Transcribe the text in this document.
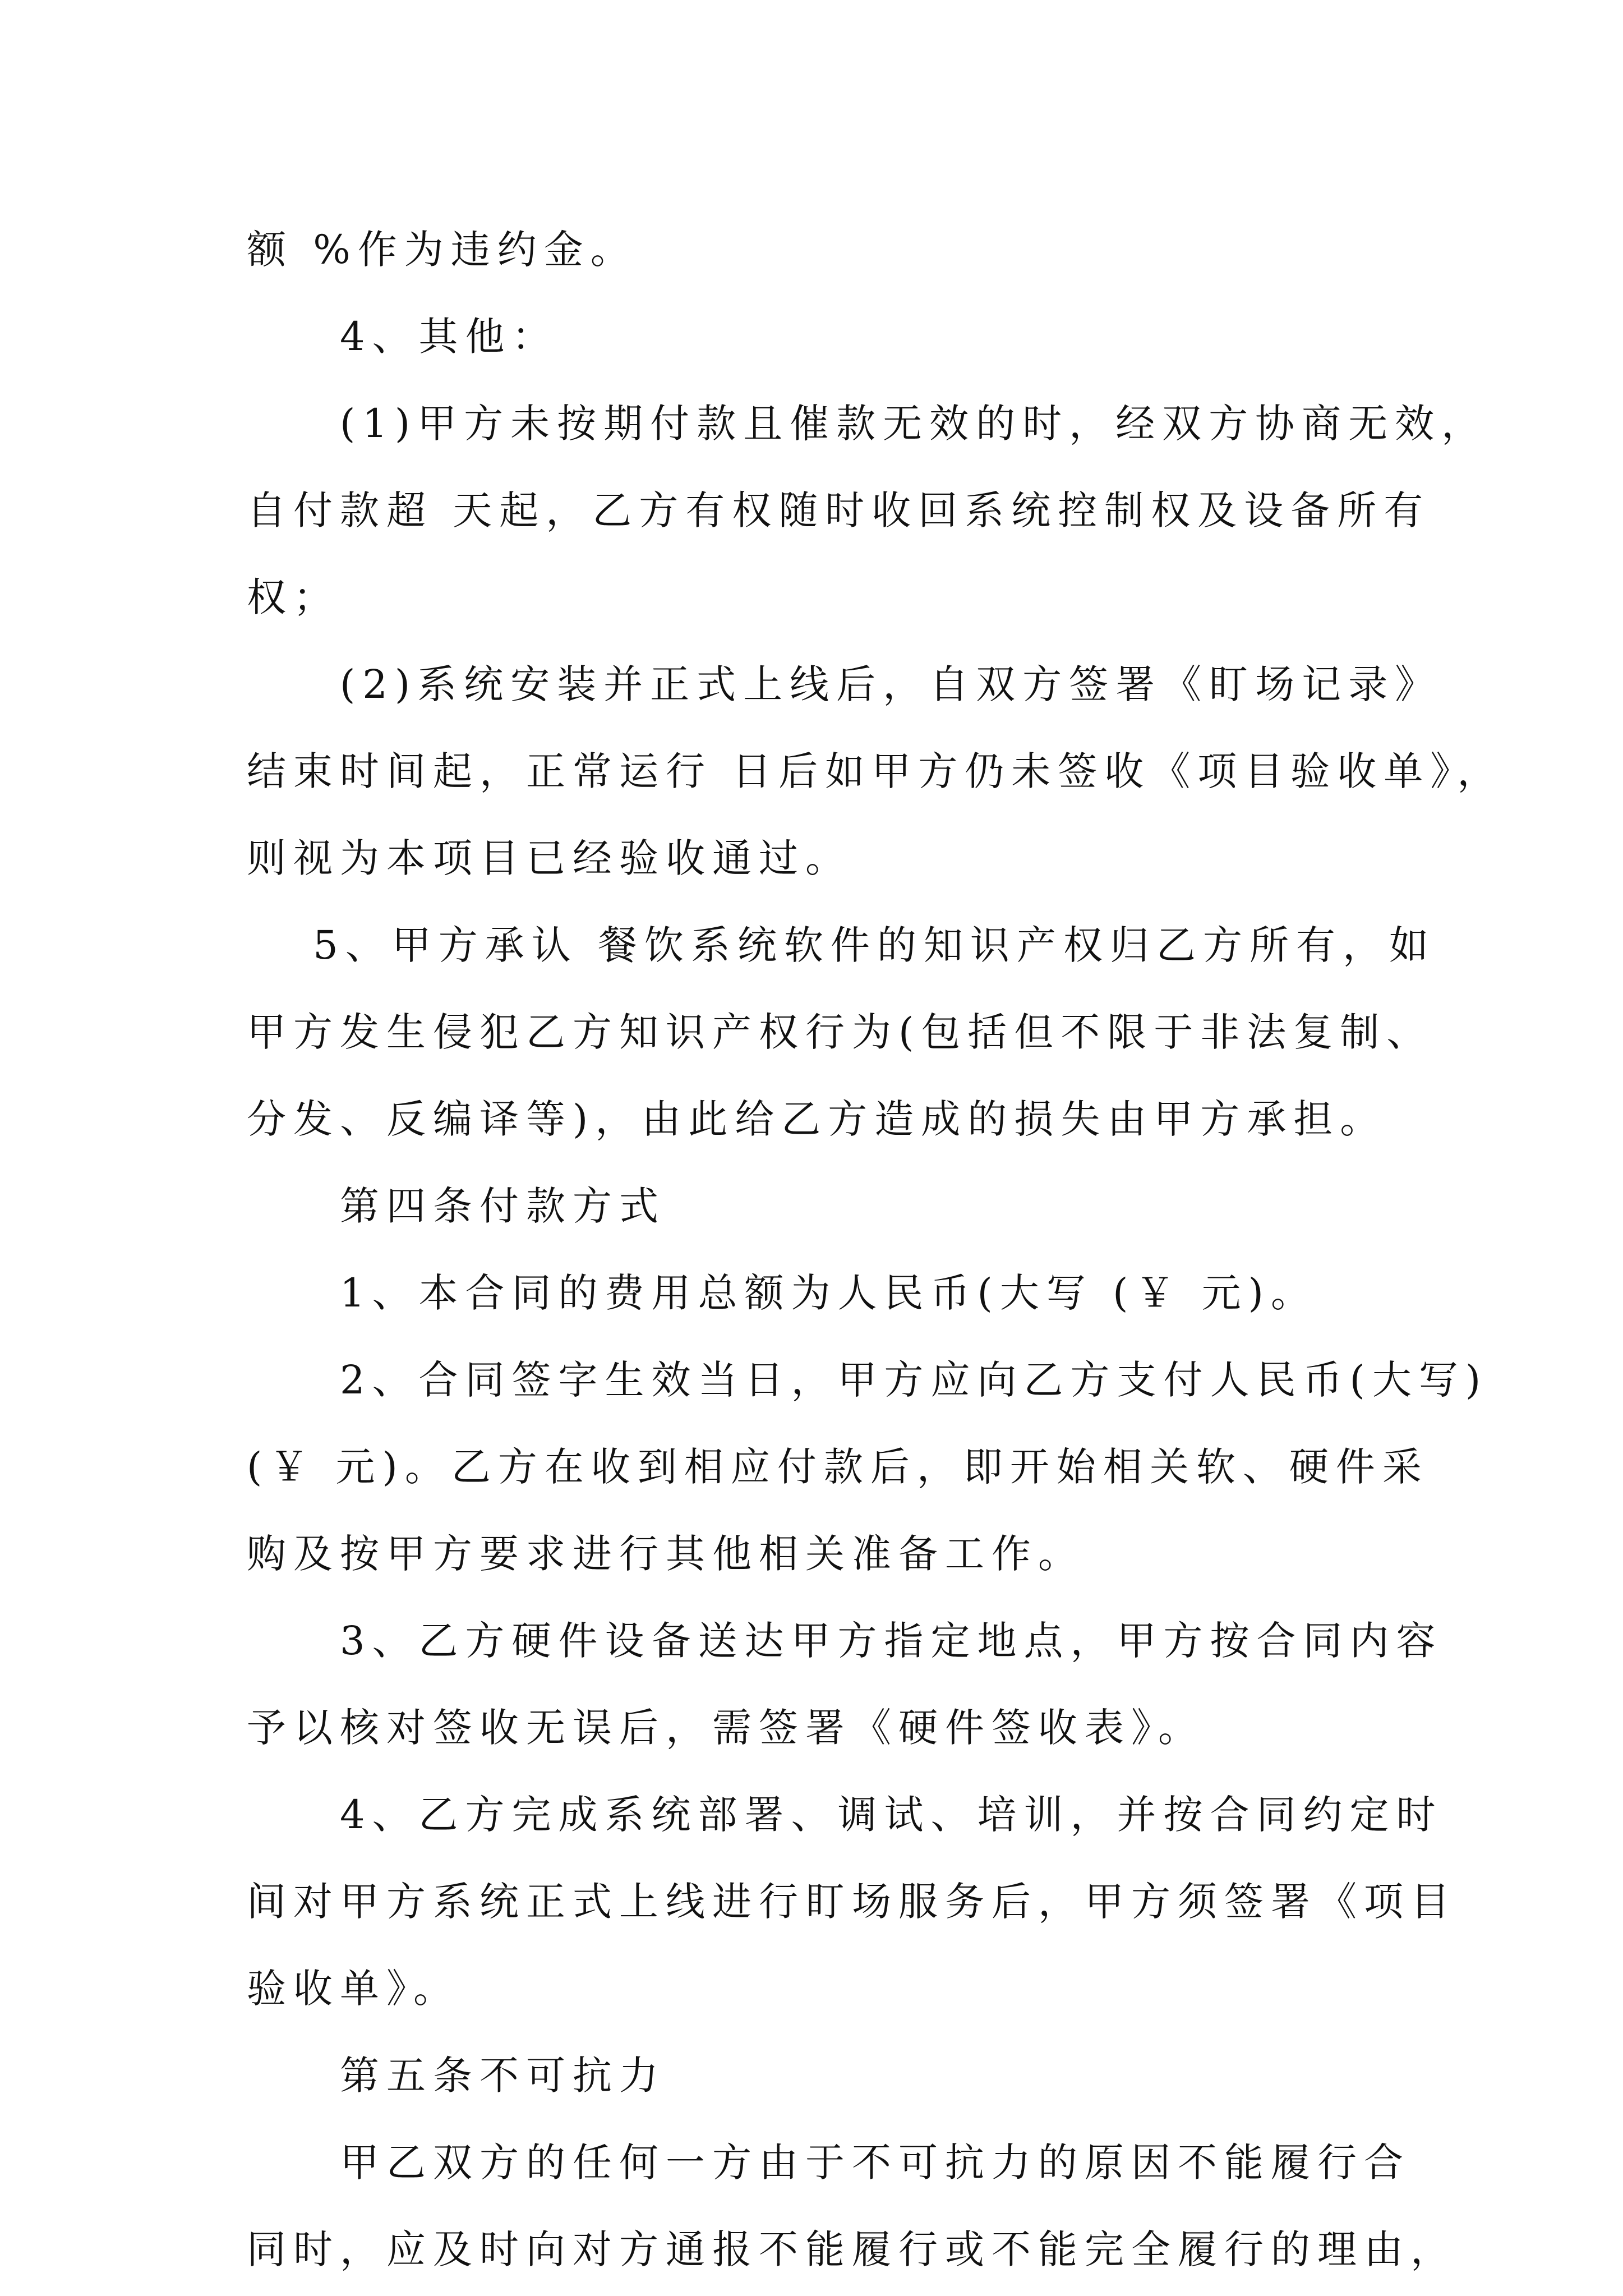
额 %作为违约金。

　　4、其他：

　　(1)甲方未按期付款且催款无效的时，经双方协商无效，
自付款超 天起，乙方有权随时收回系统控制权及设备所有
权；

　　(2)系统安装并正式上线后，自双方签署《盯场记录》
结束时间起，正常运行 日后如甲方仍未签收《项目验收单》，
则视为本项目已经验收通过。

　 5、甲方承认 餐饮系统软件的知识产权归乙方所有，如
甲方发生侵犯乙方知识产权行为(包括但不限于非法复制、
分发、反编译等)，由此给乙方造成的损失由甲方承担。

　　第四条付款方式

　　1、本合同的费用总额为人民币(大写 (￥ 元)。

　　2、合同签字生效当日，甲方应向乙方支付人民币(大写)
(￥ 元)。乙方在收到相应付款后，即开始相关软、硬件采
购及按甲方要求进行其他相关准备工作。

　　3、乙方硬件设备送达甲方指定地点，甲方按合同内容
予以核对签收无误后，需签署《硬件签收表》。

　　4、乙方完成系统部署、调试、培训，并按合同约定时
间对甲方系统正式上线进行盯场服务后，甲方须签署《项目
验收单》。

　　第五条不可抗力

　　甲乙双方的任何一方由于不可抗力的原因不能履行合
同时，应及时向对方通报不能履行或不能完全履行的理由，
